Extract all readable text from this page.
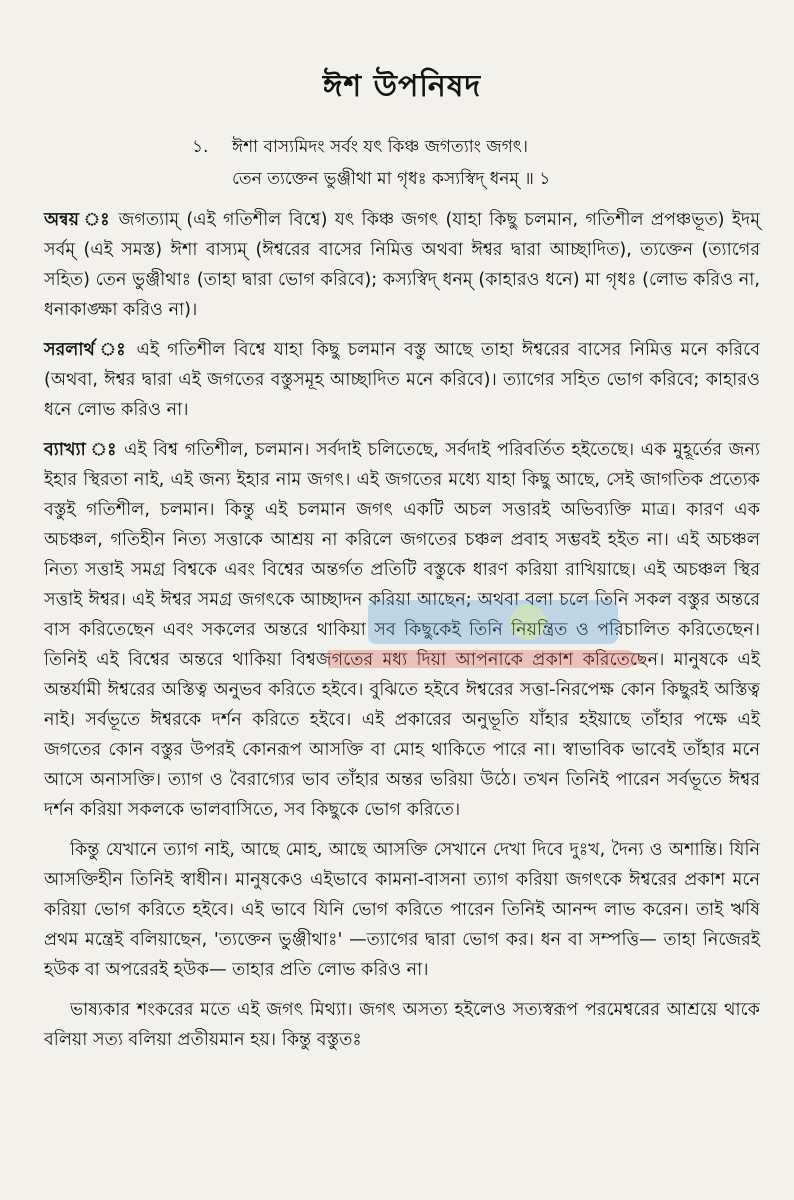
ঈশ উপনিষদ
১. ঈশা বাস্যমিদং সর্বং যৎ কিঞ্চ জগত্যাং জগৎ।
তেন ত্যক্তেন ভুঞ্জীথা মা গৃধঃ কস্যস্বিদ্ ধনম্ ॥ ১

অন্বয় ঃ জগত্যাম্ (এই গতিশীল বিশ্বে) যৎ কিঞ্চ জগৎ (যাহা কিছু চলমান, গতিশীল প্রপঞ্চভূত) ইদম্ সর্বম্ (এই সমস্ত) ঈশা বাস্যম্ (ঈশ্বরের বাসের নিমিত্ত অথবা ঈশ্বর দ্বারা আচ্ছাদিত), ত্যক্তেন (ত্যাগের সহিত) তেন ভুঞ্জীথাঃ (তাহা দ্বারা ভোগ করিবে); কস্যস্বিদ্ ধনম্ (কাহারও ধনে) মা গৃধঃ (লোভ করিও না, ধনাকাঙ্ক্ষা করিও না)।

সরলার্থ ঃ এই গতিশীল বিশ্বে যাহা কিছু চলমান বস্তু আছে তাহা ঈশ্বরের বাসের নিমিত্ত মনে করিবে (অথবা, ঈশ্বর দ্বারা এই জগতের বস্তুসমূহ আচ্ছাদিত মনে করিবে)। ত্যাগের সহিত ভোগ করিবে; কাহারও ধনে লোভ করিও না।

ব্যাখ্যা ঃ এই বিশ্ব গতিশীল, চলমান। সর্বদাই চলিতেছে, সর্বদাই পরিবর্তিত হইতেছে। এক মুহূর্তের জন্য ইহার স্থিরতা নাই, এই জন্য ইহার নাম জগৎ। এই জগতের মধ্যে যাহা কিছু আছে, সেই জাগতিক প্রত্যেক বস্তুই গতিশীল, চলমান। কিন্তু এই চলমান জগৎ একটি অচল সত্তারই অভিব্যক্তি মাত্র। কারণ এক অচঞ্চল, গতিহীন নিত্য সত্তাকে আশ্রয় না করিলে জগতের চঞ্চল প্রবাহ সম্ভবই হইত না। এই অচঞ্চল নিত্য সত্তাই সমগ্র বিশ্বকে এবং বিশ্বের অন্তর্গত প্রতিটি বস্তুকে ধারণ করিয়া রাখিয়াছে। এই অচঞ্চল স্থির সত্তাই ঈশ্বর। এই ঈশ্বর সমগ্র জগৎকে আচ্ছাদন করিয়া আছেন; অথবা বলা চলে তিনি সকল বস্তুর অন্তরে বাস করিতেছেন এবং সকলের অন্তরে থাকিয়া সব কিছুকেই তিনি নিয়ন্ত্রিত ও পরিচালিত করিতেছেন। তিনিই এই বিশ্বের অন্তরে থাকিয়া বিশ্বজগতের মধ্য দিয়া আপনাকে প্রকাশ করিতেছেন। মানুষকে এই অন্তর্যামী ঈশ্বরের অস্তিত্ব অনুভব করিতে হইবে। বুঝিতে হইবে ঈশ্বরের সত্তা-নিরপেক্ষ কোন কিছুরই অস্তিত্ব নাই। সর্বভূতে ঈশ্বরকে দর্শন করিতে হইবে। এই প্রকারের অনুভূতি যাঁহার হইয়াছে তাঁহার পক্ষে এই জগতের কোন বস্তুর উপরই কোনরূপ আসক্তি বা মোহ থাকিতে পারে না। স্বাভাবিক ভাবেই তাঁহার মনে আসে অনাসক্তি। ত্যাগ ও বৈরাগ্যের ভাব তাঁহার অন্তর ভরিয়া উঠে। তখন তিনিই পারেন সর্বভূতে ঈশ্বর দর্শন করিয়া সকলকে ভালবাসিতে, সব কিছুকে ভোগ করিতে।

কিন্তু যেখানে ত্যাগ নাই, আছে মোহ, আছে আসক্তি সেখানে দেখা দিবে দুঃখ, দৈন্য ও অশান্তি। যিনি আসক্তিহীন তিনিই স্বাধীন। মানুষকেও এইভাবে কামনা-বাসনা ত্যাগ করিয়া জগৎকে ঈশ্বরের প্রকাশ মনে করিয়া ভোগ করিতে হইবে। এই ভাবে যিনি ভোগ করিতে পারেন তিনিই আনন্দ লাভ করেন। তাই ঋষি প্রথম মন্ত্রেই বলিয়াছেন, 'ত্যক্তেন ভুঞ্জীথাঃ' —ত্যাগের দ্বারা ভোগ কর। ধন বা সম্পত্তি— তাহা নিজেরই হউক বা অপরেরই হউক— তাহার প্রতি লোভ করিও না।

ভাষ্যকার শংকরের মতে এই জগৎ মিথ্যা। জগৎ অসত্য হইলেও সত্যস্বরূপ পরমেশ্বরের আশ্রয়ে থাকে বলিয়া সত্য বলিয়া প্রতীয়মান হয়। কিন্তু বস্তুতঃ
